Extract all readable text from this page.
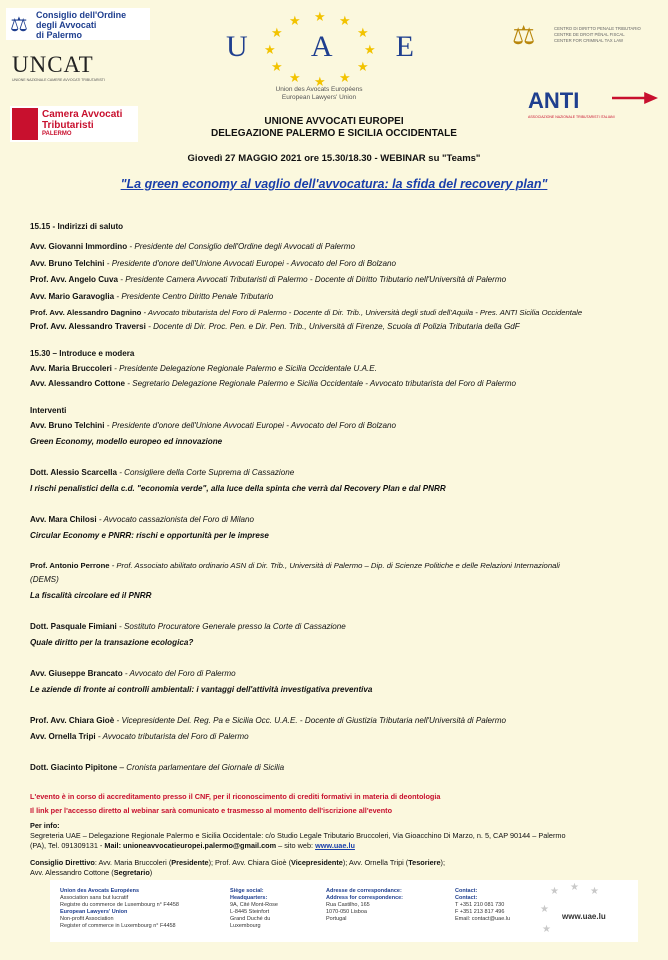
⚖ Consiglio dell'Ordine
degli Avvocati
di Palermo
UNCAT
UNIONE NAZIONALE CAMERE AVVOCATI TRIBUTARISTI
Camera Avvocati
Tributaristi
PALERMO
★
★	★
★	★
★	★
★	★
★	★
★
U A E
Union des Avocats Européens
European Lawyers' Union
⚖	CENTRO DI DIRITTO PENALE TRIBUTARIO
CENTRE DE DROIT PÉNAL FISCAL
CENTER FOR CRIMINAL TAX LAW
ANTI
ASSOCIAZIONE NAZIONALE TRIBUTARISTI ITALIANI
UNIONE AVVOCATI EUROPEI
DELEGAZIONE PALERMO E SICILIA OCCIDENTALE
Giovedì 27 MAGGIO 2021 ore 15.30/18.30 - WEBINAR su "Teams"
"La green economy al vaglio dell'avvocatura: la sfida del recovery plan"
15.15 - Indirizzi di saluto
Avv. Giovanni Immordino - Presidente del Consiglio dell'Ordine degli Avvocati di Palermo
Avv. Bruno Telchini - Presidente d'onore dell'Unione Avvocati Europei - Avvocato del Foro di Bolzano
Prof. Avv. Angelo Cuva - Presidente Camera Avvocati Tributaristi di Palermo - Docente di Diritto Tributario nell'Università di Palermo
Avv. Mario Garavoglia - Presidente Centro Diritto Penale Tributario
Prof. Avv. Alessandro Dagnino - Avvocato tributarista del Foro di Palermo - Docente di Dir. Trib., Università degli studi dell'Aquila - Pres. ANTI Sicilia Occidentale
Prof. Avv. Alessandro Traversi - Docente di Dir. Proc. Pen. e Dir. Pen. Trib., Università di Firenze, Scuola di Polizia Tributaria della GdF
15.30 – Introduce e modera
Avv. Maria Bruccoleri - Presidente Delegazione Regionale Palermo e Sicilia Occidentale U.A.E.
Avv. Alessandro Cottone - Segretario Delegazione Regionale Palermo e Sicilia Occidentale - Avvocato tributarista del Foro di Palermo
Interventi
Avv. Bruno Telchini - Presidente d'onore dell'Unione Avvocati Europei - Avvocato del Foro di Bolzano
Green Economy, modello europeo ed innovazione
Dott. Alessio Scarcella - Consigliere della Corte Suprema di Cassazione
I rischi penalistici della c.d. "economia verde", alla luce della spinta che verrà dal Recovery Plan e dal PNRR
Avv. Mara Chilosi - Avvocato cassazionista del Foro di Milano
Circular Economy e PNRR: rischi e opportunità per le imprese
Prof. Antonio Perrone - Prof. Associato abilitato ordinario ASN di Dir. Trib., Università di Palermo – Dip. di Scienze Politiche e delle Relazioni Internazionali
(DEMS)
La fiscalità circolare ed il PNRR
Dott. Pasquale Fimiani - Sostituto Procuratore Generale presso la Corte di Cassazione
Quale diritto per la transazione ecologica?
Avv. Giuseppe Brancato - Avvocato del Foro di Palermo
Le aziende di fronte ai controlli ambientali: i vantaggi dell'attività investigativa preventiva
Prof. Avv. Chiara Gioè - Vicepresidente Del. Reg. Pa e Sicilia Occ. U.A.E. - Docente di Giustizia Tributaria nell'Università di Palermo
Avv. Ornella Tripi - Avvocato tributarista del Foro di Palermo
Dott. Giacinto Pipitone – Cronista parlamentare del Giornale di Sicilia
L'evento è in corso di accreditamento presso il CNF, per il riconoscimento di crediti formativi in materia di deontologia
Il link per l'accesso diretto al webinar sarà comunicato e trasmesso al momento dell'iscrizione all'evento
Per info:
Segreteria UAE – Delegazione Regionale Palermo e Sicilia Occidentale: c/o Studio Legale Tributario Bruccoleri, Via Gioacchino Di Marzo, n. 5, CAP 90144 – Palermo
(PA), Tel. 091309131 - Mail: unioneavvocatieuropei.palermo@gmail.com – sito web: www.uae.lu
Consiglio Direttivo: Avv. Maria Bruccoleri (Presidente); Prof. Avv. Chiara Gioè (Vicepresidente); Avv. Ornella Tripi (Tesoriere);
Avv. Alessandro Cottone (Segretario)
Union des Avocats Européens
Association sans but lucratif
Registre du commerce de Luxembourg n° F4458
European Lawyers' Union
Non-profit Association
Register of commerce in Luxembourg n° F4458
Siège social:
Headquarters:
9A, Cité Mont-Rose
L-8445 Steinfort
Grand Duché du
Luxembourg
Adresse de correspondance:
Address for correspondence:
Rua Castilho, 165
1070-050 Lisboa
Portugal
Contact:
Contact:
T +351 210 081 730
F +351 213 817 496
Email: contact@uae.lu
★ ★ ★
★
★
www.uae.lu
